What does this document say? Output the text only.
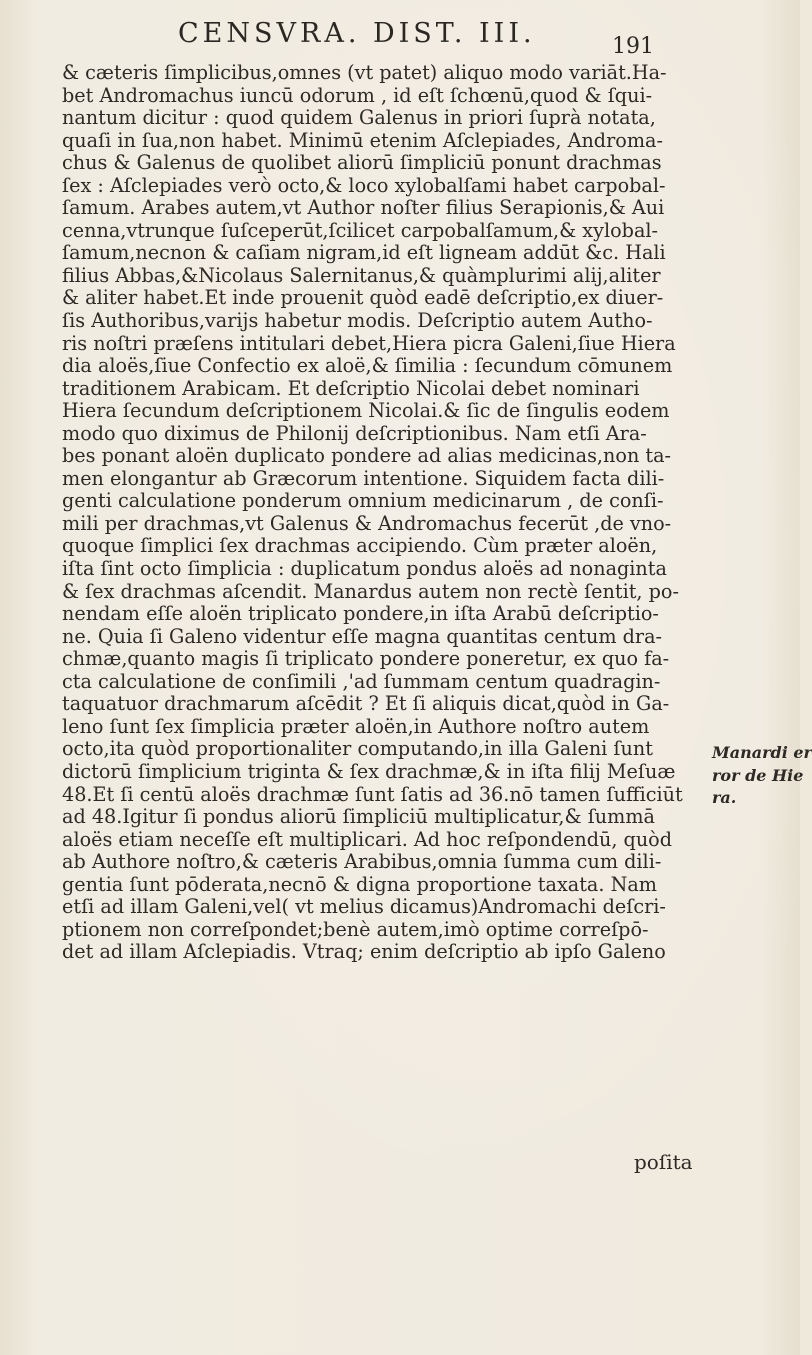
CENSVRA. DIST. III.	191
& cæteris ſimplicibus,omnes (vt patet) aliquo modo variāt.Ha-
bet Andromachus iuncū odorum , id eſt ſchœnū,quod & ſqui-
nantum dicitur : quod quidem Galenus in priori ſuprà notata,
quaſi in ſua,non habet. Minimū etenim Aſclepiades, Androma-
chus & Galenus de quolibet aliorū ſimpliciū ponunt drachmas
ſex : Aſclepiades verò octo,& loco xylobalſami habet carpobal-
ſamum. Arabes autem,vt Author noſter filius Serapionis,& Aui
cenna,vtrunque ſuſceperūt,ſcilicet carpobalſamum,& xylobal-
ſamum,necnon & caſiam nigram,id eſt ligneam addūt &c. Hali
filius Abbas,&Nicolaus Salernitanus,& quàmplurimi alij,aliter
& aliter habet.Et inde prouenit quòd eadē deſcriptio,ex diuer-
ſis Authoribus,varijs habetur modis. Deſcriptio autem Autho-
ris noſtri præſens intitulari debet,Hiera picra Galeni,ſiue Hiera
dia aloës,ſiue Confectio ex aloë,& ſimilia : ſecundum cōmunem
traditionem Arabicam. Et deſcriptio Nicolai debet nominari
Hiera ſecundum deſcriptionem Nicolai.& ſic de ſingulis eodem
modo quo diximus de Philonij deſcriptionibus. Nam etſi Ara-
bes ponant aloën duplicato pondere ad alias medicinas,non ta-
men elongantur ab Græcorum intentione. Siquidem facta dili-
genti calculatione ponderum omnium medicinarum , de conſi-
mili per drachmas,vt Galenus & Andromachus fecerūt ,de vno-
quoque ſimplici ſex drachmas accipiendo. Cùm præter aloën,
iſta ſint octo ſimplicia : duplicatum pondus aloës ad nonaginta
& ſex drachmas aſcendit. Manardus autem non rectè ſentit, po-
nendam eſſe aloën triplicato pondere,in iſta Arabū deſcriptio-
ne. Quia ſi Galeno videntur eſſe magna quantitas centum dra-
chmæ,quanto magis ſi triplicato pondere poneretur, ex quo fa-
cta calculatione de conſimili ,'ad ſummam centum quadragin-
taquatuor drachmarum aſcēdit ? Et ſi aliquis dicat,quòd in Ga-
leno ſunt ſex ſimplicia præter aloën,in Authore noſtro autem
octo,ita quòd proportionaliter computando,in illa Galeni ſunt
dictorū ſimplicium triginta & ſex drachmæ,& in iſta filij Meſuæ
48.Et ſi centū aloës drachmæ ſunt ſatis ad 36.nō tamen ſufficiūt
ad 48.Igitur ſi pondus aliorū ſimpliciū multiplicatur,& ſummā
aloës etiam neceſſe eſt multiplicari. Ad hoc reſpondendū, quòd
ab Authore noſtro,& cæteris Arabibus,omnia ſumma cum dili-
gentia ſunt pōderata,necnō & digna proportione taxata. Nam
etſi ad illam Galeni,vel( vt melius dicamus)Andromachi deſcri-
ptionem non correſpondet;benè autem,imò optime correſpō-
det ad illam Aſclepiadis. Vtraq; enim deſcriptio ab ipſo Galeno
Manardi er
ror de Hie
ra.
poſita
